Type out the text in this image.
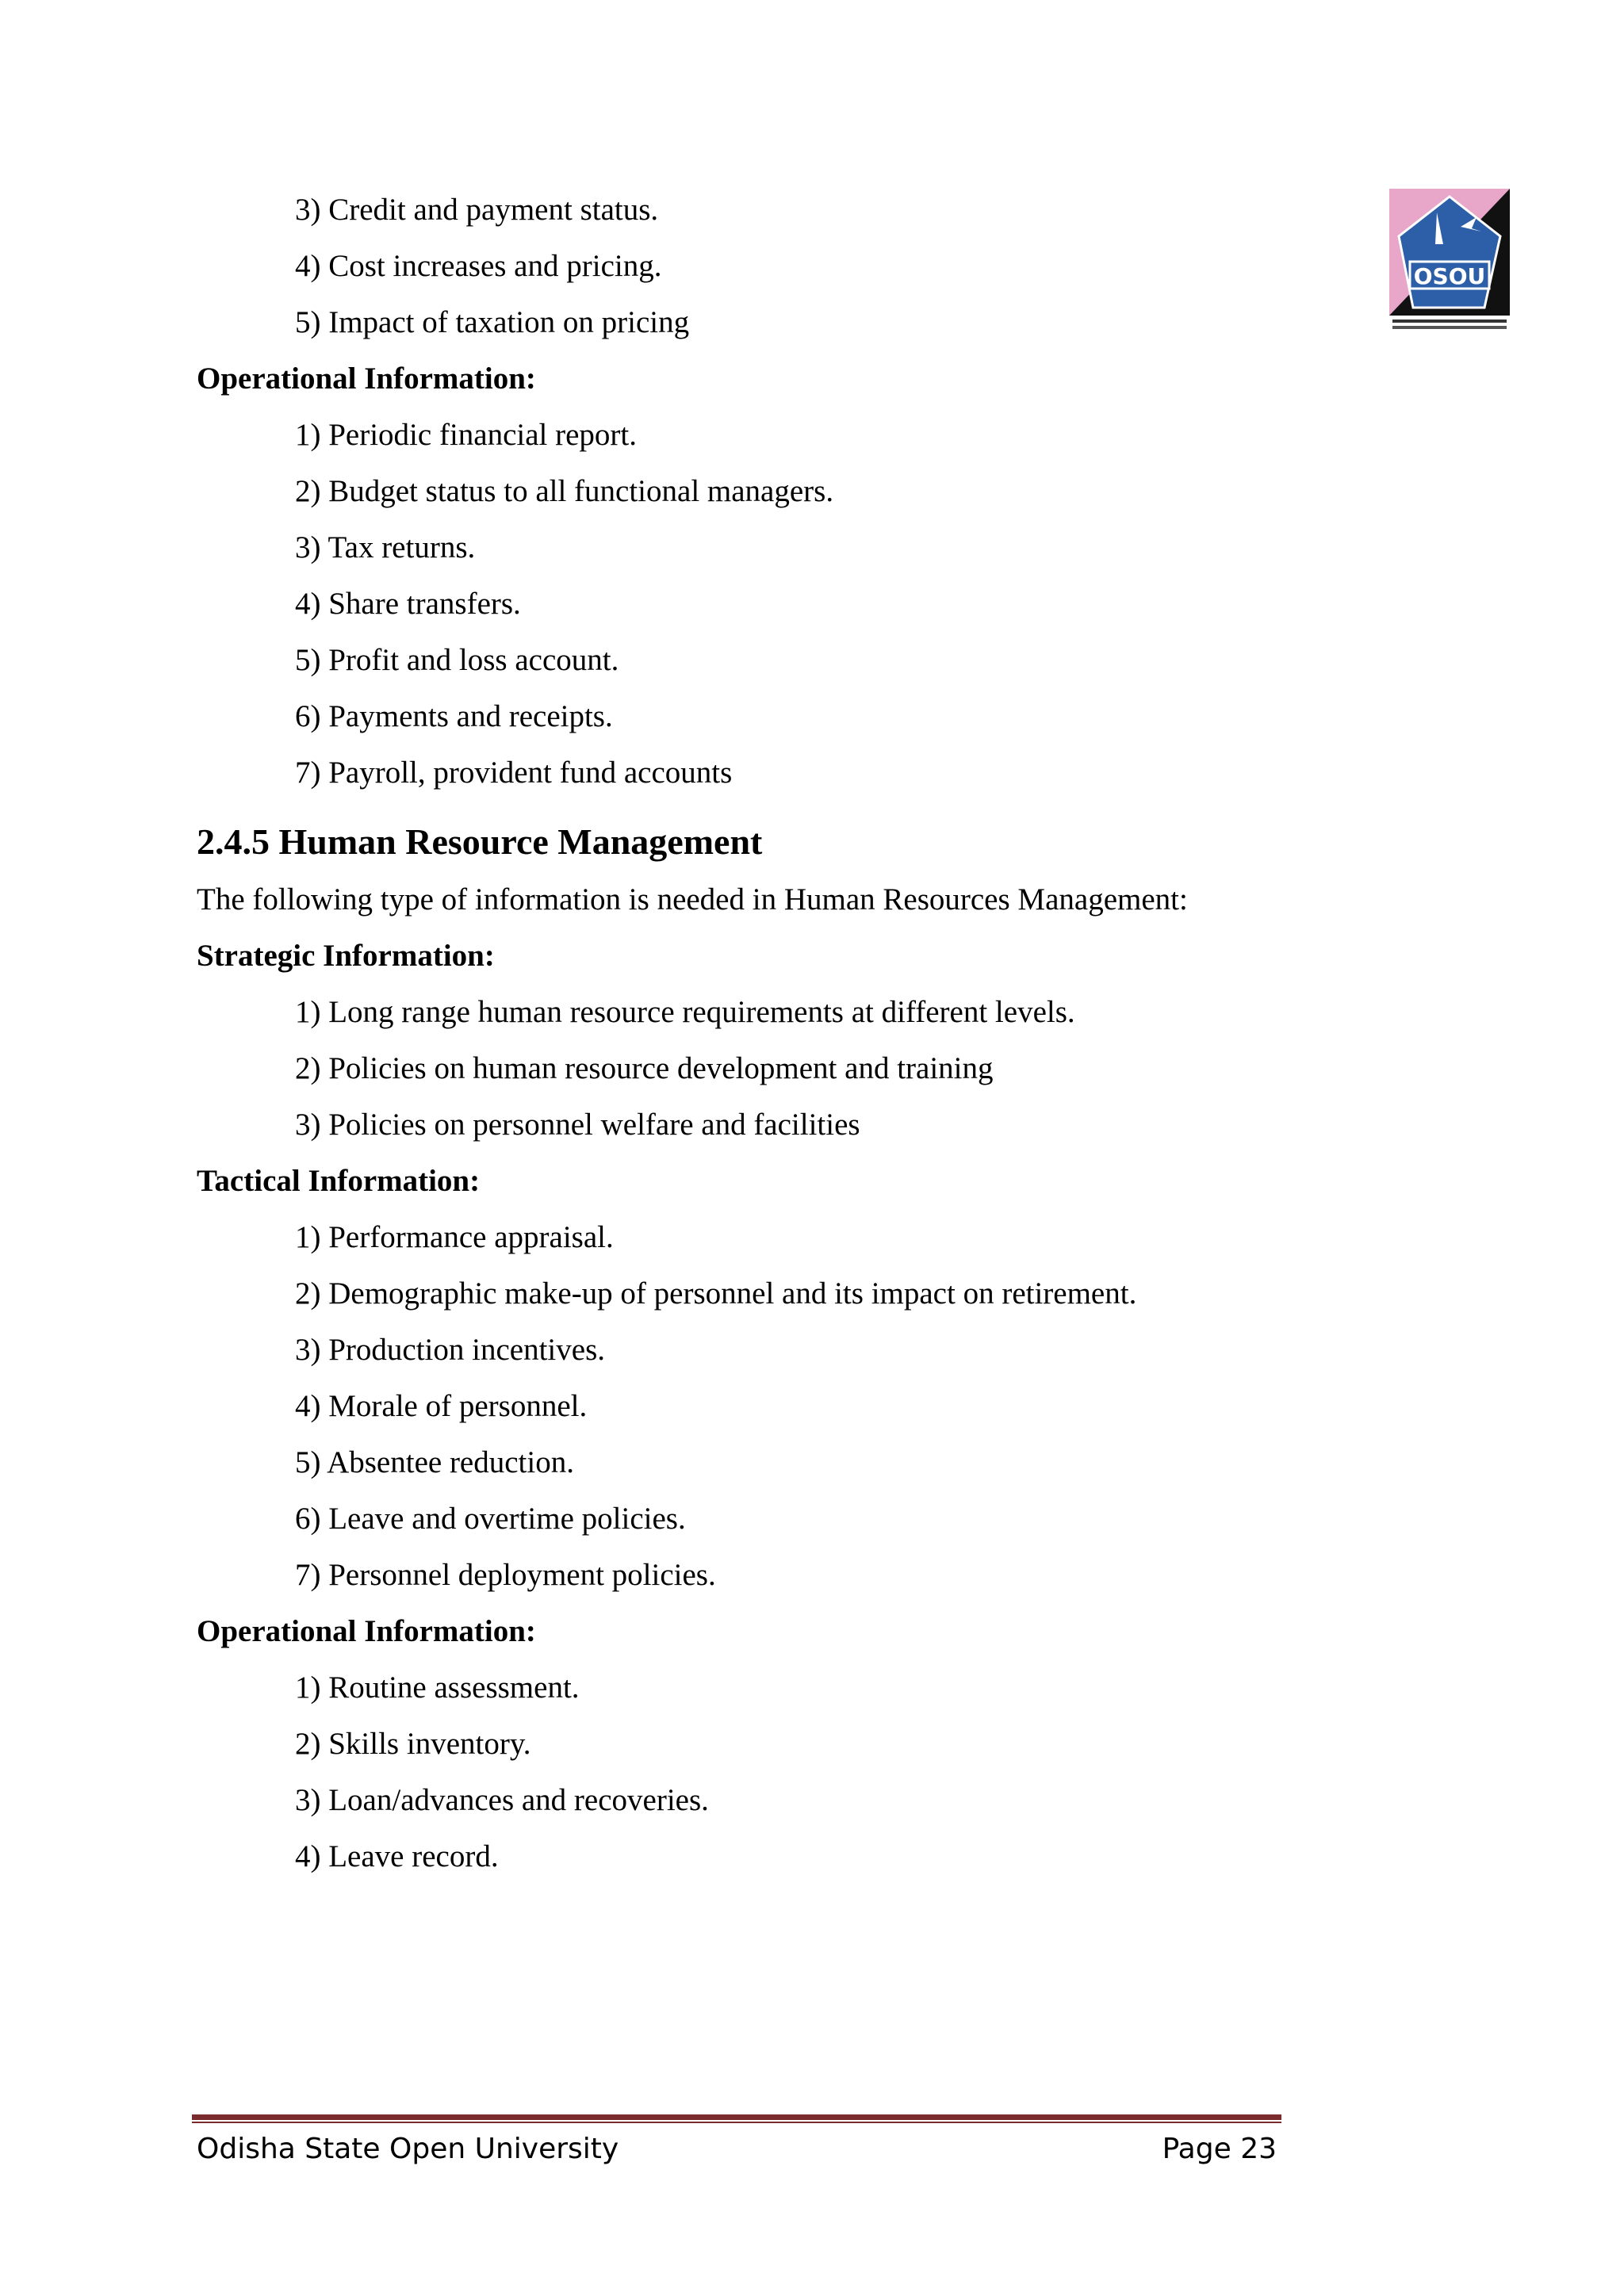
OSOU
3) Credit and payment status.
4) Cost increases and pricing.
5) Impact of taxation on pricing
Operational Information:
1) Periodic financial report.
2) Budget status to all functional managers.
3) Tax returns.
4) Share transfers.
5) Profit and loss account.
6) Payments and receipts.
7) Payroll, provident fund accounts
2.4.5 Human Resource Management
The following type of information is needed in Human Resources Management:
Strategic Information:
1) Long range human resource requirements at different levels.
2) Policies on human resource development and training
3) Policies on personnel welfare and facilities
Tactical Information:
1) Performance appraisal.
2) Demographic make-up of personnel and its impact on retirement.
3) Production incentives.
4) Morale of personnel.
5) Absentee reduction.
6) Leave and overtime policies.
7) Personnel deployment policies.
Operational Information:
1) Routine assessment.
2) Skills inventory.
3) Loan/advances and recoveries.
4) Leave record.
Odisha State Open University	Page 23
